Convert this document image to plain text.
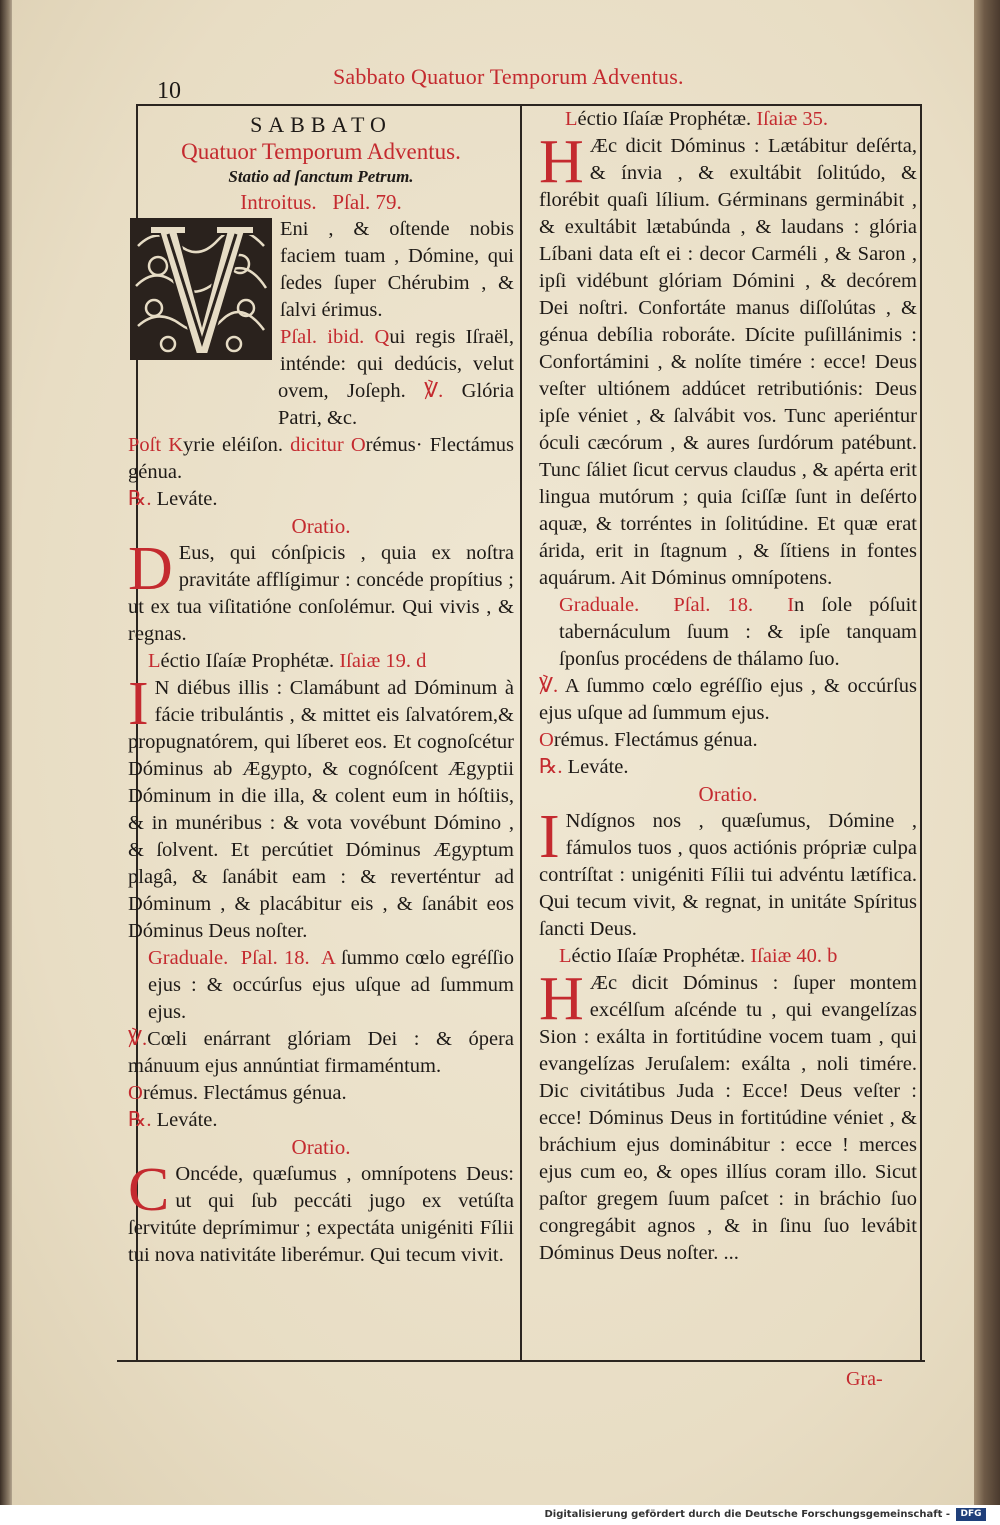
10
Sabbato Quatuor Temporum Adventus.

SABBATO

Quatuor Temporum Adventus.

Statio ad ſanctum Petrum.

Introitus.   Pſal. 79.

Eni , & oſtende nobis faciem tuam , Dómine, qui ſedes ſuper Chérubim , & ſalvi érimus.

Pſal. ibid. Qui regis Iſraël, inténde: qui dedúcis, velut ovem, Joſeph. ℣. Glória Patri, &c.

Poſt Kyrie eléiſon. dicitur Orémus· Flectámus génua.

℞. Leváte.

Oratio.

D Eus, qui cónſpicis , quia ex noſtra pravitáte afflígimur : concéde propítius ; ut ex tua viſitatióne conſolémur. Qui vivis , & regnas.

Léctio Iſaíæ Prophétæ. Iſaiæ 19. d

I N diébus illis : Clamábunt ad Dóminum à fácie tribulántis , & mittet eis ſalvatórem,& propugnatórem, qui líberet eos. Et cognoſcétur Dóminus ab Ægypto, & cognóſcent Ægyptii Dóminum in die illa, & colent eum in hóſtiis, & in munéribus : & vota vovébunt Dómino , & ſolvent. Et percútiet Dóminus Ægyptum plagâ, & ſanábit eam : & reverténtur ad Dóminum , & placábitur eis , & ſanábit eos Dóminus Deus noſter.

Graduale.  Pſal. 18.  A ſummo cœlo egréſſio ejus : & occúrſus ejus uſque ad ſummum ejus.

℣.Cœli enárrant glóriam Dei : & ópera mánuum ejus annúntiat firmaméntum.

Orémus. Flectámus génua.

℞. Leváte.

Oratio.

C Oncéde, quæſumus , omnípotens Deus: ut qui ſub peccáti jugo ex vetúſta ſervitúte deprímimur ; expectáta unigéniti Fílii tui nova nativitáte liberémur. Qui tecum vivit.

Léctio Iſaíæ Prophétæ. Iſaiæ 35.

H Æc dicit Dóminus : Lætábitur deſérta, & ínvia , & exultábit ſolitúdo, & florébit quaſi lílium. Gérminans germinábit , & exultábit lætabúnda , & laudans : glória Líbani data eſt ei : decor Carméli , & Saron , ipſi vidébunt glóriam Dómini , & decórem Dei noſtri. Confortáte manus diſſolútas , & génua debília roboráte. Dícite puſillánimis : Confortámini , & nolíte timére : ecce! Deus veſter ultiónem addúcet retributiónis: Deus ipſe véniet , & ſalvábit vos. Tunc aperiéntur óculi cæcórum , & aures ſurdórum patébunt. Tunc ſáliet ſicut cervus claudus , & apérta erit lingua mutórum ; quia ſciſſæ ſunt in deſérto aquæ, & torréntes in ſolitúdine. Et quæ erat árida, erit in ſtagnum , & ſítiens in fontes aquárum. Ait Dóminus omnípotens.

Graduale.  Pſal. 18.  In ſole póſuit tabernáculum ſuum : & ipſe tanquam ſponſus procédens de thálamo ſuo.

℣. A ſummo cœlo egréſſio ejus , & occúrſus ejus uſque ad ſummum ejus.

Orémus. Flectámus génua.

℞. Leváte.

Oratio.

I Ndígnos nos , quæſumus, Dómine , fámulos tuos , quos actiónis própriæ culpa contríſtat : unigéniti Fílii tui advéntu lætífica. Qui tecum vivit, & regnat, in unitáte Spíritus ſancti Deus.

Léctio Iſaíæ Prophétæ. Iſaiæ 40. b

H Æc dicit Dóminus : ſuper montem excélſum aſcénde tu , qui evangelízas Sion : exálta in fortitúdine vocem tuam , qui evangelízas Jeruſalem: exálta , noli timére. Dic civitátibus Juda : Ecce! Deus veſter : ecce! Dóminus Deus in fortitúdine véniet , & bráchium ejus dominábitur : ecce ! merces ejus cum eo, & opes illíus coram illo. Sicut paſtor gregem ſuum paſcet : in bráchio ſuo congregábit agnos , & in ſinu ſuo levábit Dóminus Deus noſter. ...

Gra-
Digitalisierung gefördert durch die Deutsche Forschungsgemeinschaft -	DFG
